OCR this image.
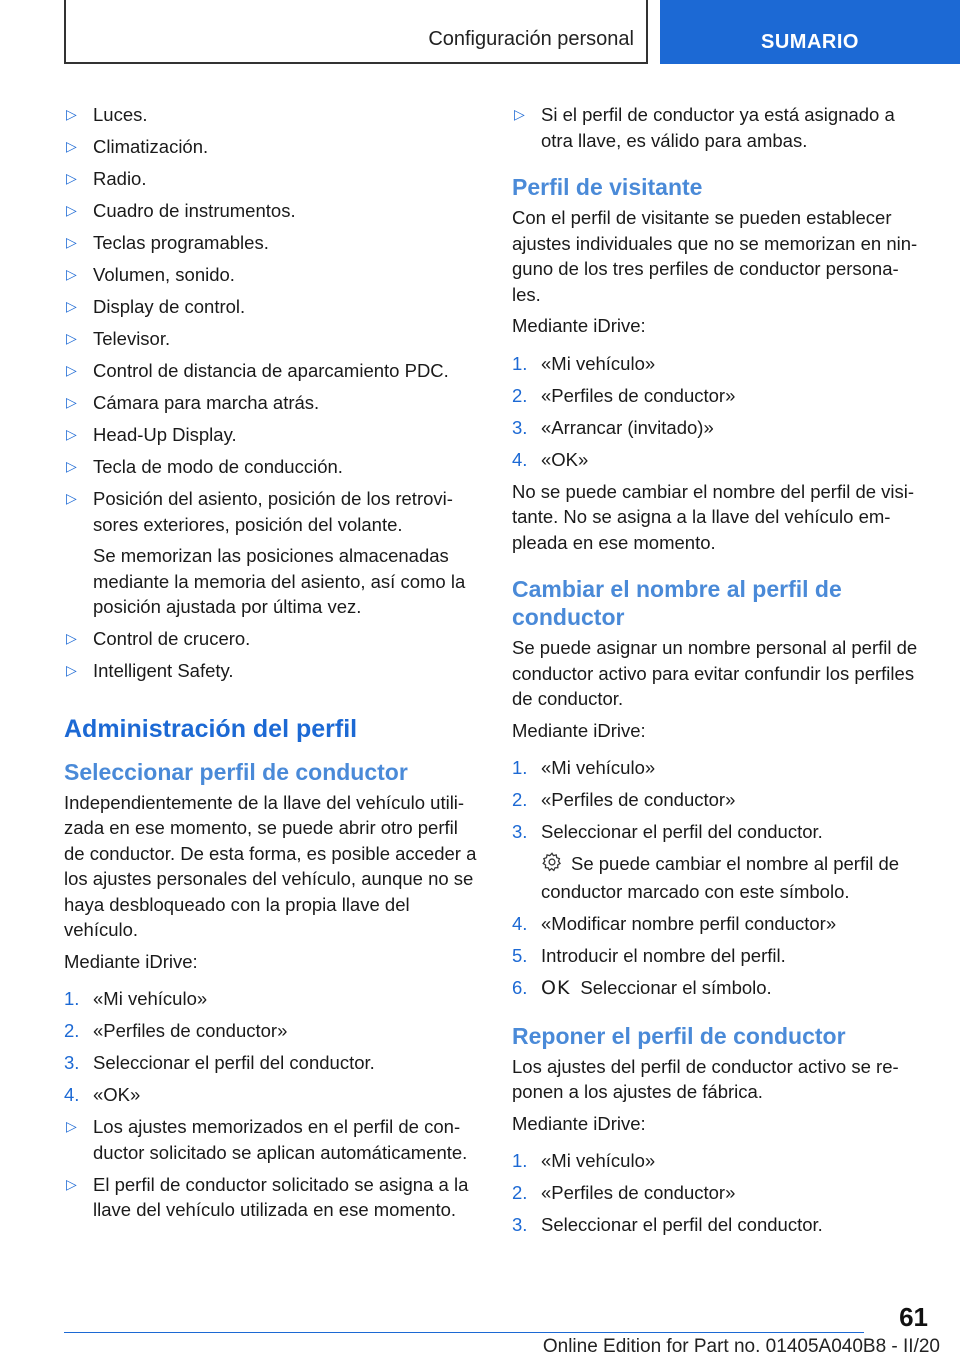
Configuración personal	SUMARIO
▷ Luces.
▷ Climatización.
▷ Radio.
▷ Cuadro de instrumentos.
▷ Teclas programables.
▷ Volumen, sonido.
▷ Display de control.
▷ Televisor.
▷ Control de distancia de aparcamiento PDC.
▷ Cámara para marcha atrás.
▷ Head-Up Display.
▷ Tecla de modo de conducción.
▷ Posición del asiento, posición de los retrovi‐ sores exteriores, posición del volante.
Se memorizan las posiciones almacenadas mediante la memoria del asiento, así como la posición ajustada por última vez.
▷ Control de crucero.
▷ Intelligent Safety.
Administración del perfil
Seleccionar perfil de conductor

Independientemente de la llave del vehículo utili‐ zada en ese momento, se puede abrir otro perfil de conductor. De esta forma, es posible acceder a los ajustes personales del vehículo, aunque no se haya desbloqueado con la propia llave del vehículo.

Mediante iDrive:

1. «Mi vehículo»
2. «Perfiles de conductor»
3. Seleccionar el perfil del conductor.
4. «OK»
▷ Los ajustes memorizados en el perfil de con‐ ductor solicitado se aplican automáticamente.
▷ El perfil de conductor solicitado se asigna a la llave del vehículo utilizada en ese momento.
▷ Si el perfil de conductor ya está asignado a otra llave, es válido para ambas.
Perfil de visitante

Con el perfil de visitante se pueden establecer ajustes individuales que no se memorizan en nin‐ guno de los tres perfiles de conductor persona‐ les.

Mediante iDrive:

1. «Mi vehículo»
2. «Perfiles de conductor»
3. «Arrancar (invitado)»
4. «OK»

No se puede cambiar el nombre del perfil de visi‐ tante. No se asigna a la llave del vehículo em‐ pleada en ese momento.

Cambiar el nombre al perfil de conductor

Se puede asignar un nombre personal al perfil de conductor activo para evitar confundir los perfiles de conductor.

Mediante iDrive:

1. «Mi vehículo»
2. «Perfiles de conductor»
3. Seleccionar el perfil del conductor.
Se puede cambiar el nombre al perfil de conductor marcado con este símbolo.
4. «Modificar nombre perfil conductor»
5. Introducir el nombre del perfil.
6. OK Seleccionar el símbolo.
Reponer el perfil de conductor

Los ajustes del perfil de conductor activo se re‐ ponen a los ajustes de fábrica.

Mediante iDrive:

1. «Mi vehículo»
2. «Perfiles de conductor»
3. Seleccionar el perfil del conductor.
61
Online Edition for Part no. 01405A040B8 - II/20
